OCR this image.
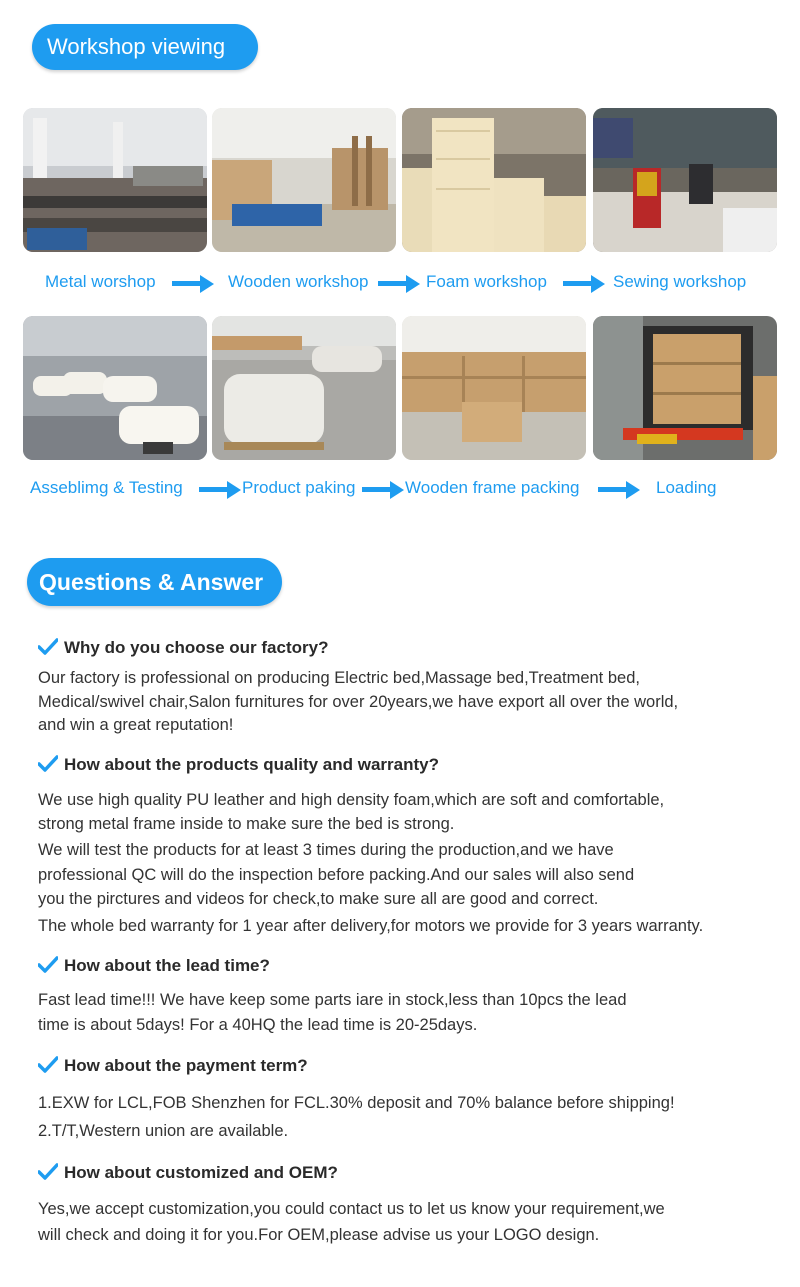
Workshop viewing
Metal worshop	Wooden workshop	Foam workshop	Sewing workshop
Asseblimg & Testing	Product paking	Wooden frame packing	Loading
Questions & Answer
Why do you choose our factory?
Our factory is professional on producing Electric bed,Massage bed,Treatment bed,
Medical/swivel chair,Salon furnitures for over 20years,we have export all over the world,
and win a great reputation!
How about the products quality and warranty?
We use high quality PU leather and high density foam,which are soft and comfortable,
strong metal frame inside to make sure the bed is strong.
We will test the products for at least 3 times during the production,and we have
professional QC will do the inspection before packing.And our sales will also send
you the pirctures and videos for check,to make sure all are good and correct.
The whole bed warranty for 1 year after delivery,for motors we provide for 3 years warranty.
How about the lead time?
Fast lead time!!! We have keep some parts iare in stock,less than 10pcs the lead
time is about 5days! For a 40HQ the lead time is 20-25days.
How about the payment term?
1.EXW for LCL,FOB Shenzhen for FCL.30% deposit and 70% balance before shipping!
2.T/T,Western union are available.
How about customized and OEM?
Yes,we accept customization,you could contact us to let us know your requirement,we
will check and doing it for you.For OEM,please advise us your LOGO design.
